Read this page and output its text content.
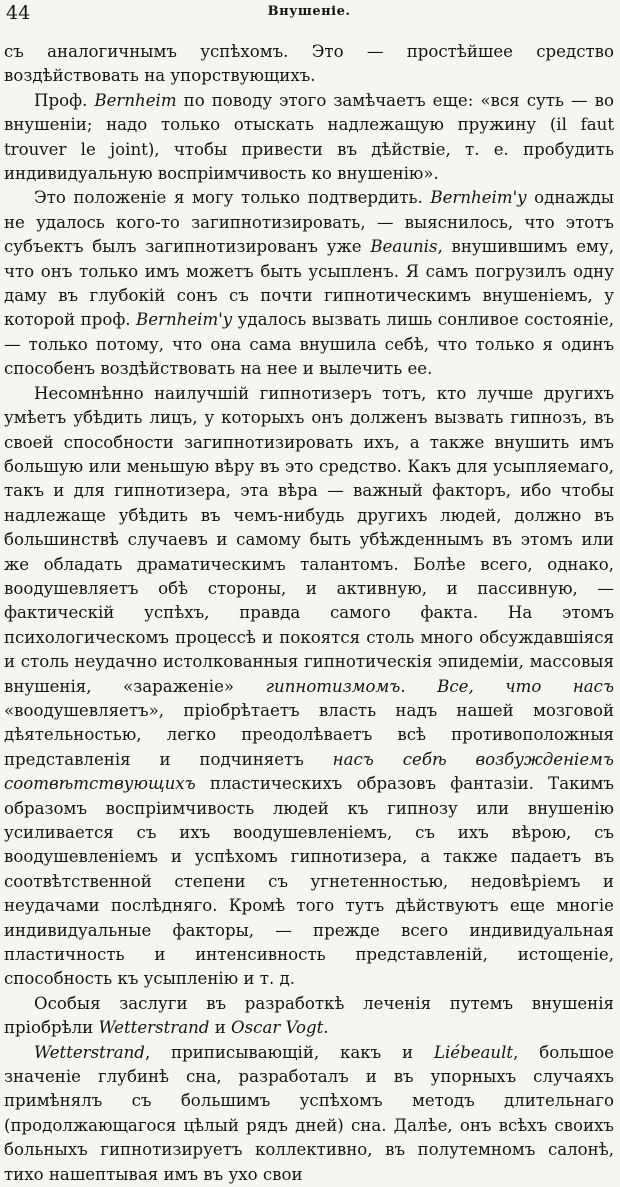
44	Внушеніе.

съ аналогичнымъ успѣхомъ. Это — простѣйшее средство воздѣйствовать на упорствующихъ.

Проф. Bernheim по поводу этого замѣчаетъ еще: «вся суть — во внушеніи; надо только отыскать надлежащую пружину (il faut trouver le joint), чтобы привести въ дѣйствіе, т. е. пробудить индивидуальную воспріимчивость ко внушенію».

Это положеніе я могу только подтвердить. Bernheim'y однажды не удалось кого-то загипнотизировать, — выяснилось, что этотъ субъектъ былъ загипнотизированъ уже Beaunis, внушившимъ ему, что онъ только имъ можетъ быть усыпленъ. Я самъ погрузилъ одну даму въ глубокій сонъ съ почти гипнотическимъ внушеніемъ, у которой проф. Bernheim'y удалось вызвать лишь сонливое состояніе, — только потому, что она сама внушила себѣ, что только я одинъ способенъ воздѣйствовать на нее и вылечить ее.

Несомнѣнно наилучшій гипнотизеръ тотъ, кто лучше другихъ умѣетъ убѣдить лицъ, у которыхъ онъ долженъ вызвать гипнозъ, въ своей способности загипнотизировать ихъ, а также внушить имъ большую или меньшую вѣру въ это средство. Какъ для усыпляемаго, такъ и для гипнотизера, эта вѣра — важный факторъ, ибо чтобы надлежаще убѣдить въ чемъ-нибудь другихъ людей, должно въ большинствѣ случаевъ и самому быть убѣжденнымъ въ этомъ или же обладать драматическимъ талантомъ. Болѣе всего, однако, воодушевляетъ обѣ стороны, и активную, и пассивную, — фактическій успѣхъ, правда самого факта. На этомъ психологическомъ процессѣ и покоятся столь много обсуждавшіяся и столь неудачно истолкованныя гипнотическія эпидеміи, массовыя внушенія, «зараженіе» гипнотизмомъ. Все, что насъ «воодушевляетъ», пріобрѣтаетъ власть надъ нашей мозговой дѣятельностью, легко преодолѣваетъ всѣ противоположныя представленія и подчиняетъ насъ себѣ возбужденіемъ соотвѣтствующихъ пластическихъ образовъ фантазіи. Такимъ образомъ воспріимчивость людей къ гипнозу или внушенію усиливается съ ихъ воодушевленіемъ, съ ихъ вѣрою, съ воодушевленіемъ и успѣхомъ гипнотизера, а также падаетъ въ соотвѣтственной степени съ угнетенностью, недовѣріемъ и неудачами послѣдняго. Кромѣ того тутъ дѣйствуютъ еще многіе индивидуальные факторы, — прежде всего индивидуальная пластичность и интенсивность представленій, истощеніе, способность къ усыпленію и т. д.

Особыя заслуги въ разработкѣ леченія путемъ внушенія пріобрѣли Wetterstrand и Oscar Vogt.

Wetterstrand, приписывающій, какъ и Liébeault, большое значеніе глубинѣ сна, разработалъ и въ упорныхъ случаяхъ примѣнялъ съ большимъ успѣхомъ методъ длительнаго (продолжающагося цѣлый рядъ дней) сна. Далѣе, онъ всѣхъ своихъ больныхъ гипнотизируетъ коллективно, въ полутемномъ салонѣ, тихо нашептывая имъ въ ухо свои
